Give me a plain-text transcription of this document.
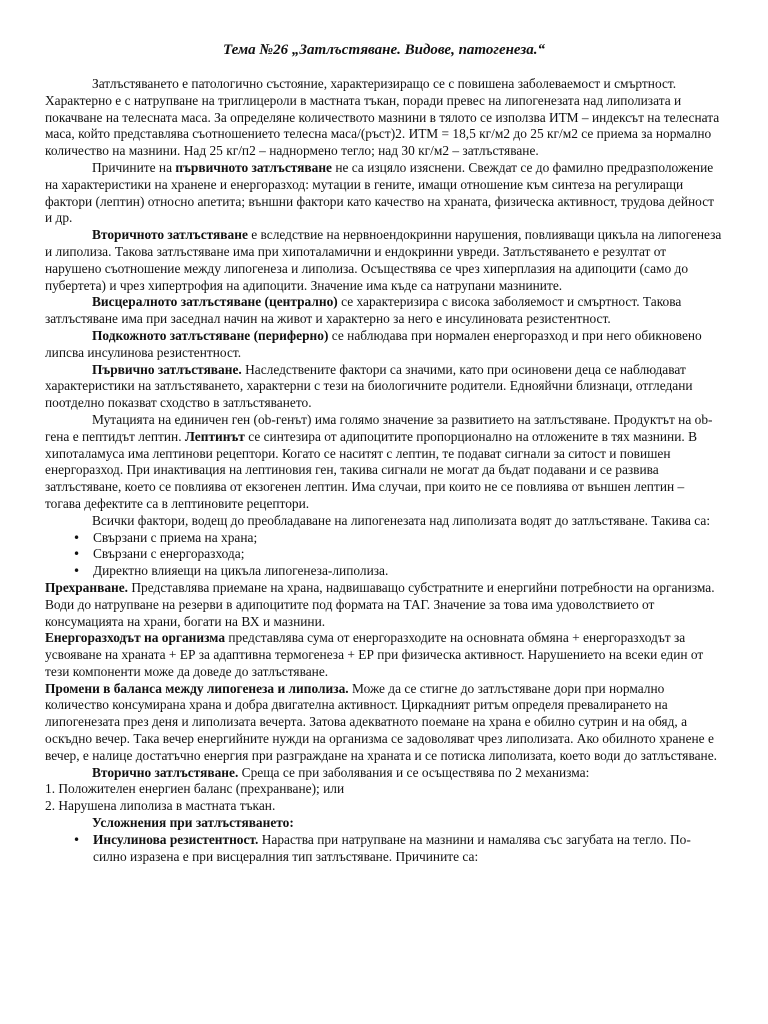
Тема №26 „Затлъстяване. Видове, патогенеза.“

Затлъстяването е патологично състояние, характеризиращо се с повишена заболеваемост и смъртност. Характерно е с натрупване на триглицероли в мастната тъкан, поради превес на липогенезата над липолизата и покачване на телесната маса. За определяне количеството мазнини в тялото се използва ИТМ – индексът на телесната маса, който представлява съотношението телесна маса/(ръст)2. ИТМ = 18,5 кг/м2 до 25 кг/м2 се приема за нормално количество на мазнини. Над 25 кг/п2 – наднормено тегло; над 30 кг/м2 – затлъстяване.

Причините на първичното затлъстяване не са изцяло изяснени. Свеждат се до фамилно предразположение на характеристики на хранене и енергоразход: мутации в гените, имащи отношение към синтеза на регулиращи фактори (лептин) относно апетита; външни фактори като качество на храната, физическа активност, трудова дейност и др.

Вторичното затлъстяване е вследствие на нервноендокринни нарушения, повлияващи цикъла на липогенеза и липолиза. Такова затлъстяване има при хипоталамични и ендокринни увреди. Затлъстяването е резултат от нарушено съотношение между липогенеза и липолиза. Осъществява се чрез хиперплазия на адипоцити (само до пубертета) и чрез хипертрофия на адипоцити. Значение има къде са натрупани мазнините.

Висцералното затлъстяване (централно) се характеризира с висока заболяемост и смъртност. Такова затлъстяване има при заседнал начин на живот и характерно за него е инсулиновата резистентност.

Подкожното затлъстяване (периферно) се наблюдава при нормален енергоразход и при него обикновено липсва инсулинова резистентност.

Първично затлъстяване. Наследствените фактори са значими, като при осиновени деца се наблюдават характеристики на затлъстяването, характерни с тези на биологичните родители. Еднояйчни близнаци, отгледани поотделно показват сходство в затлъстяването.

Мутацията на единичен ген (ob-генът) има голямо значение за развитието на затлъстяване. Продуктът на ob-гена е пептидът лептин. Лептинът се синтезира от адипоцитите пропорционално на отложените в тях мазнини. В хипоталамуса има лептинови рецептори. Когато се наситят с лептин, те подават сигнали за ситост и повишен енергоразход. При инактивация на лептиновия ген, такива сигнали не могат да бъдат подавани и се развива затлъстяване, което се повлиява от екзогенен лептин. Има случаи, при които не се повлиява от външен лептин – тогава дефектите са в лептиновите рецептори.

Всички фактори, водещ до преобладаване на липогенезата над липолизата водят до затлъстяване. Такива са:

• Свързани с приема на храна;
• Свързани с енергоразхода;
• Директно влияещи на цикъла липогенеза-липолиза.

Прехранване. Представлява приемане на храна, надвишаващо субстратните и енергийни потребности на организма. Води до натрупване на резерви в адипоцитите под формата на ТАГ. Значение за това има удоволствието от консумацията на храни, богати на ВХ и мазнини.

Енергоразходът на организма представлява сума от енергоразходите на основната обмяна + енергоразходът за усвояване на храната + ЕР за адаптивна термогенеза + ЕР при физическа активност. Нарушението на всеки един от тези компоненти може да доведе до затлъстяване.

Промени в баланса между липогенеза и липолиза. Може да се стигне до затлъстяване дори при нормално количество консумирана храна и добра двигателна активност. Циркадният ритъм определя превалирането на липогенезата през деня и липолизата вечерта. Затова адекватното поемане на храна е обилно сутрин и на обяд, а оскъдно вечер. Така вечер енергийните нужди на организма се задоволяват чрез липолизата. Ако обилното хранене е вечер, е налице достатъчно енергия при разграждане на храната и се потиска липолизата, което води до затлъстяване.

Вторично затлъстяване. Среща се при заболявания и се осъществява по 2 механизма:

1. Положителен енергиен баланс (прехранване); или
2. Нарушена липолиза в мастната тъкан.

Усложнения при затлъстяването:

• Инсулинова резистентност. Нараства при натрупване на мазнини и намалява със загубата на тегло. По-силно изразена е при висцералния тип затлъстяване. Причините са:
